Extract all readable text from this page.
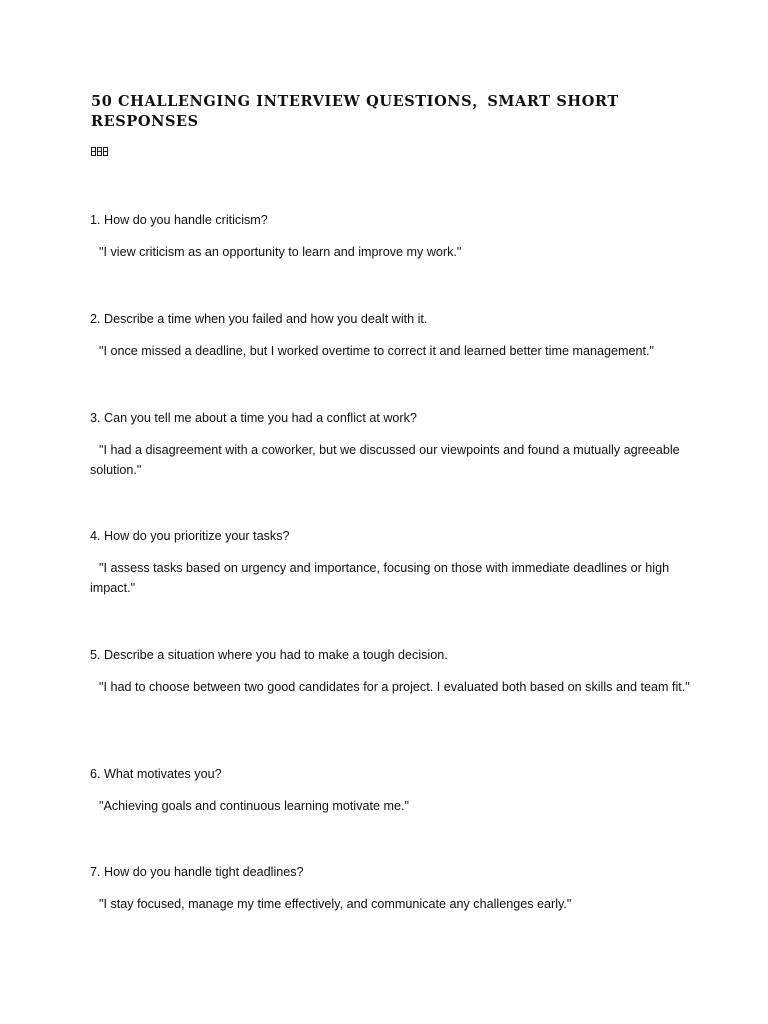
50 CHALLENGING INTERVIEW QUESTIONS，SMART SHORT RESPONSES

1. How do you handle criticism?

"I view criticism as an opportunity to learn and improve my work."

2. Describe a time when you failed and how you dealt with it.

"I once missed a deadline, but I worked overtime to correct it and learned better time management."

3. Can you tell me about a time you had a conflict at work?

"I had a disagreement with a coworker, but we discussed our viewpoints and found a mutually agreeable solution."

4. How do you prioritize your tasks?

"I assess tasks based on urgency and importance, focusing on those with immediate deadlines or high impact."

5. Describe a situation where you had to make a tough decision.

"I had to choose between two good candidates for a project. I evaluated both based on skills and team fit."

6. What motivates you?

"Achieving goals and continuous learning motivate me."

7. How do you handle tight deadlines?

"I stay focused, manage my time effectively, and communicate any challenges early."
